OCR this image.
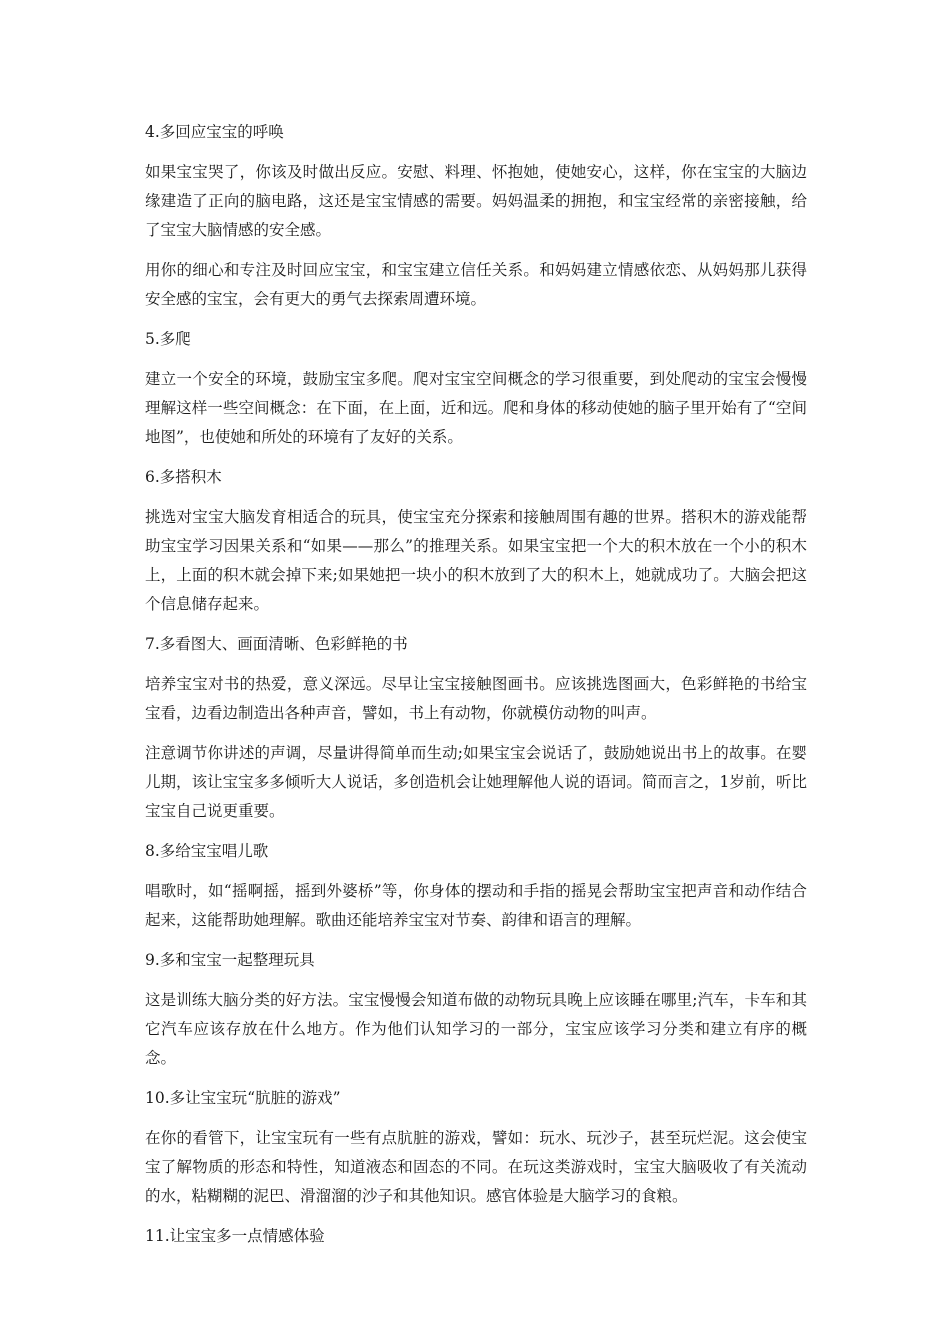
4.多回应宝宝的呼唤

如果宝宝哭了，你该及时做出反应。安慰、料理、怀抱她，使她安心，这样，你在宝宝的大脑边缘建造了正向的脑电路，这还是宝宝情感的需要。妈妈温柔的拥抱，和宝宝经常的亲密接触，给了宝宝大脑情感的安全感。

用你的细心和专注及时回应宝宝，和宝宝建立信任关系。和妈妈建立情感依恋、从妈妈那儿获得安全感的宝宝，会有更大的勇气去探索周遭环境。

5.多爬

建立一个安全的环境，鼓励宝宝多爬。爬对宝宝空间概念的学习很重要，到处爬动的宝宝会慢慢理解这样一些空间概念：在下面，在上面，近和远。爬和身体的移动使她的脑子里开始有了“空间地图”，也使她和所处的环境有了友好的关系。

6.多搭积木

挑选对宝宝大脑发育相适合的玩具，使宝宝充分探索和接触周围有趣的世界。搭积木的游戏能帮助宝宝学习因果关系和“如果——那么”的推理关系。如果宝宝把一个大的积木放在一个小的积木上，上面的积木就会掉下来;如果她把一块小的积木放到了大的积木上，她就成功了。大脑会把这个信息储存起来。

7.多看图大、画面清晰、色彩鲜艳的书

培养宝宝对书的热爱，意义深远。尽早让宝宝接触图画书。应该挑选图画大，色彩鲜艳的书给宝宝看，边看边制造出各种声音，譬如，书上有动物，你就模仿动物的叫声。

注意调节你讲述的声调，尽量讲得简单而生动;如果宝宝会说话了，鼓励她说出书上的故事。在婴儿期，该让宝宝多多倾听大人说话，多创造机会让她理解他人说的语词。简而言之，1岁前，听比宝宝自己说更重要。

8.多给宝宝唱儿歌

唱歌时，如“摇啊摇，摇到外婆桥”等，你身体的摆动和手指的摇晃会帮助宝宝把声音和动作结合起来，这能帮助她理解。歌曲还能培养宝宝对节奏、韵律和语言的理解。

9.多和宝宝一起整理玩具

这是训练大脑分类的好方法。宝宝慢慢会知道布做的动物玩具晚上应该睡在哪里;汽车，卡车和其它汽车应该存放在什么地方。作为他们认知学习的一部分，宝宝应该学习分类和建立有序的概念。

10.多让宝宝玩“肮脏的游戏”

在你的看管下，让宝宝玩有一些有点肮脏的游戏，譬如：玩水、玩沙子，甚至玩烂泥。这会使宝宝了解物质的形态和特性，知道液态和固态的不同。在玩这类游戏时，宝宝大脑吸收了有关流动的水，粘糊糊的泥巴、滑溜溜的沙子和其他知识。感官体验是大脑学习的食粮。

11.让宝宝多一点情感体验
